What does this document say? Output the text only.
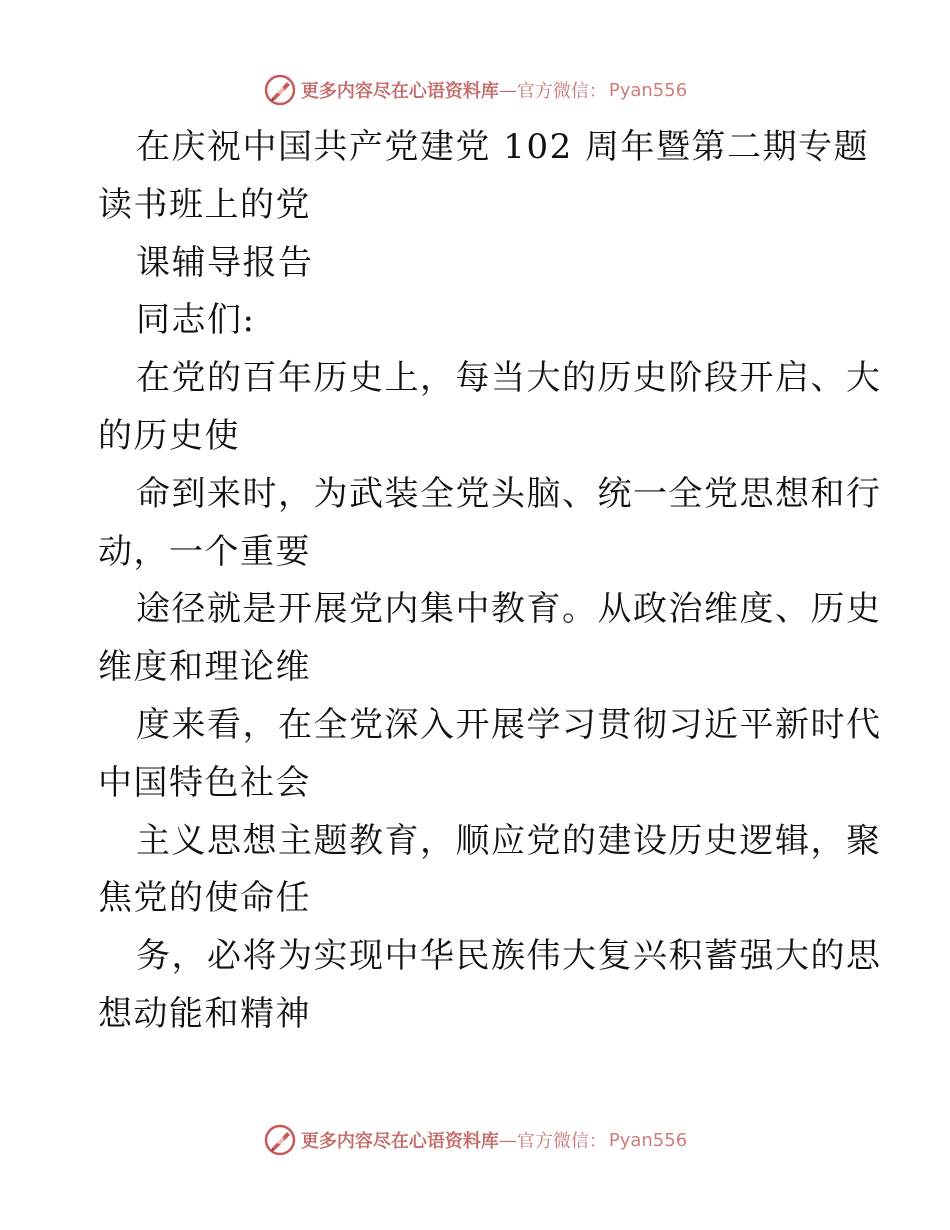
更多内容尽在心语资料库 — 官方微信： Pyan556
在庆祝中国共产党建党 102 周年暨第二期专题
读书班上的党
课辅导报告
同志们:
在党的百年历史上，每当大的历史阶段开启、大
的历史使
命到来时，为武装全党头脑、统一全党思想和行
动，一个重要
途径就是开展党内集中教育。从政治维度、历史
维度和理论维
度来看，在全党深入开展学习贯彻习近平新时代
中国特色社会
主义思想主题教育，顺应党的建设历史逻辑，聚
焦党的使命任
务，必将为实现中华民族伟大复兴积蓄强大的思
想动能和精神
更多内容尽在心语资料库 — 官方微信： Pyan556
